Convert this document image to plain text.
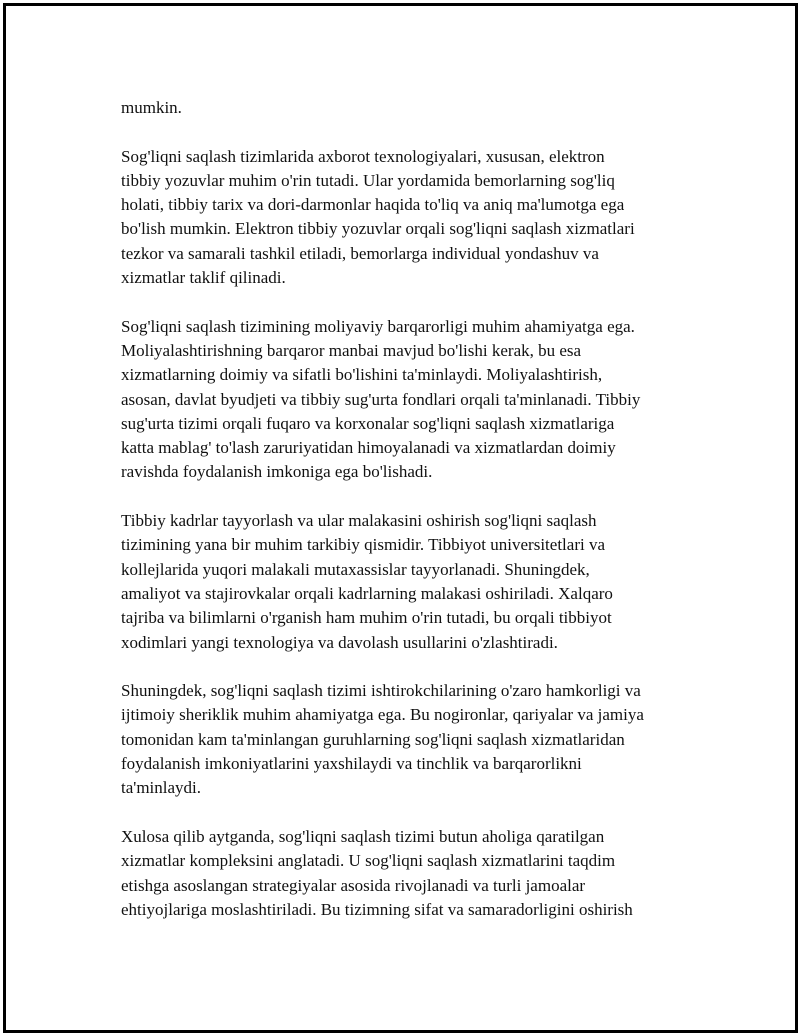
mumkin.

Sog'liqni saqlash tizimlarida axborot texnologiyalari, xususan, elektron
tibbiy yozuvlar muhim o'rin tutadi. Ular yordamida bemorlarning sog'liq
holati, tibbiy tarix va dori-darmonlar haqida to'liq va aniq ma'lumotga ega
bo'lish mumkin. Elektron tibbiy yozuvlar orqali sog'liqni saqlash xizmatlari
tezkor va samarali tashkil etiladi, bemorlarga individual yondashuv va
xizmatlar taklif qilinadi.

Sog'liqni saqlash tizimining moliyaviy barqarorligi muhim ahamiyatga ega.
Moliyalashtirishning barqaror manbai mavjud bo'lishi kerak, bu esa
xizmatlarning doimiy va sifatli bo'lishini ta'minlaydi. Moliyalashtirish,
asosan, davlat byudjeti va tibbiy sug'urta fondlari orqali ta'minlanadi. Tibbiy
sug'urta tizimi orqali fuqaro va korxonalar sog'liqni saqlash xizmatlariga
katta mablag' to'lash zaruriyatidan himoyalanadi va xizmatlardan doimiy
ravishda foydalanish imkoniga ega bo'lishadi.

Tibbiy kadrlar tayyorlash va ular malakasini oshirish sog'liqni saqlash
tizimining yana bir muhim tarkibiy qismidir. Tibbiyot universitetlari va
kollejlarida yuqori malakali mutaxassislar tayyorlanadi. Shuningdek,
amaliyot va stajirovkalar orqali kadrlarning malakasi oshiriladi. Xalqaro
tajriba va bilimlarni o'rganish ham muhim o'rin tutadi, bu orqali tibbiyot
xodimlari yangi texnologiya va davolash usullarini o'zlashtiradi.

Shuningdek, sog'liqni saqlash tizimi ishtirokchilarining o'zaro hamkorligi va
ijtimoiy sheriklik muhim ahamiyatga ega. Bu nogironlar, qariyalar va jamiya
tomonidan kam ta'minlangan guruhlarning sog'liqni saqlash xizmatlaridan
foydalanish imkoniyatlarini yaxshilaydi va tinchlik va barqarorlikni
ta'minlaydi.

Xulosa qilib aytganda, sog'liqni saqlash tizimi butun aholiga qaratilgan
xizmatlar kompleksini anglatadi. U sog'liqni saqlash xizmatlarini taqdim
etishga asoslangan strategiyalar asosida rivojlanadi va turli jamoalar
ehtiyojlariga moslashtiriladi. Bu tizimning sifat va samaradorligini oshirish
